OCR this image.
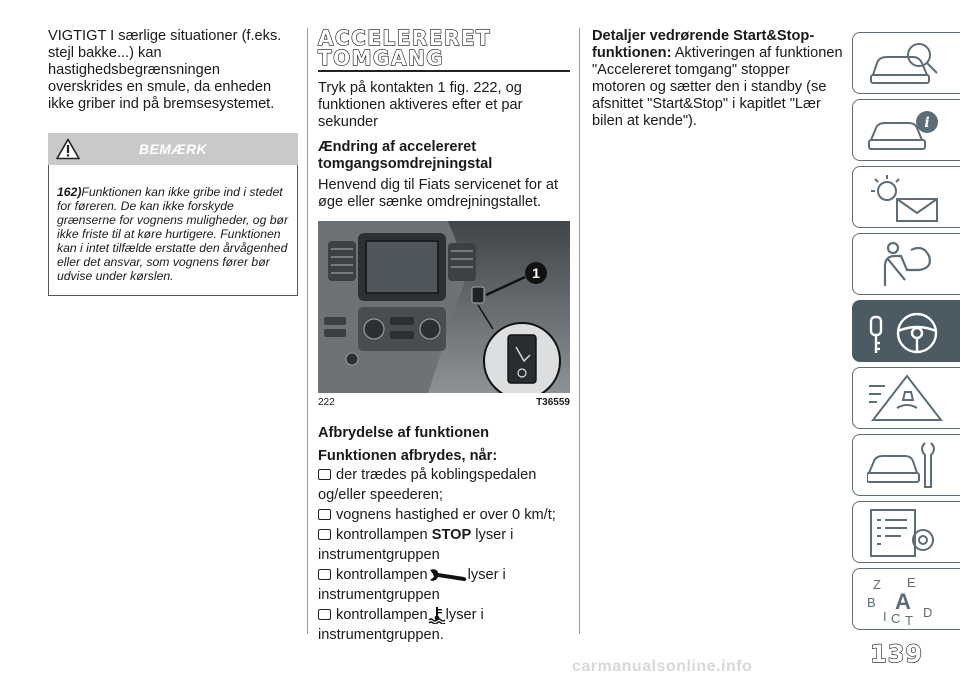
VIGTIGT I særlige situationer (f.eks. stejl bakke...) kan hastighedsbegrænsningen overskrides en smule, da enheden ikke griber ind på bremsesystemet.

BEMÆRK

162)Funktionen kan ikke gribe ind i stedet for føreren. De kan ikke forskyde grænserne for vognens muligheder, og bør ikke friste til at køre hurtigere. Funktionen kan i intet tilfælde erstatte den årvågenhed eller det ansvar, som vognens fører bør udvise under kørslen.

ACCELERERET
TOMGANG

Tryk på kontakten 1 fig. 222, og funktionen aktiveres efter et par sekunder

Ændring af accelereret tomgangsomdrejningstal

Henvend dig til Fiats servicenet for at øge eller sænke omdrejningstallet.

1
222	T36559
Afbrydelse af funktionen
Funktionen afbrydes, når:
der trædes på koblingspedalen
og/eller speederen;
vognens hastighed er over 0 km/t;
kontrollampen STOP lyser i
instrumentgruppen
kontrollampen	lyser i
instrumentgruppen
kontrollampen lyser i
instrumentgruppen.

Detaljer vedrørende Start&Stop-funktionen: Aktiveringen af funktionen "Accelereret tomgang" stopper motoren og sætter den i standby (se afsnittet "Start&Stop" i kapitlet "Lær bilen at kende").	i
Z E
B A
I C T
D
139
carmanualsonline.info
